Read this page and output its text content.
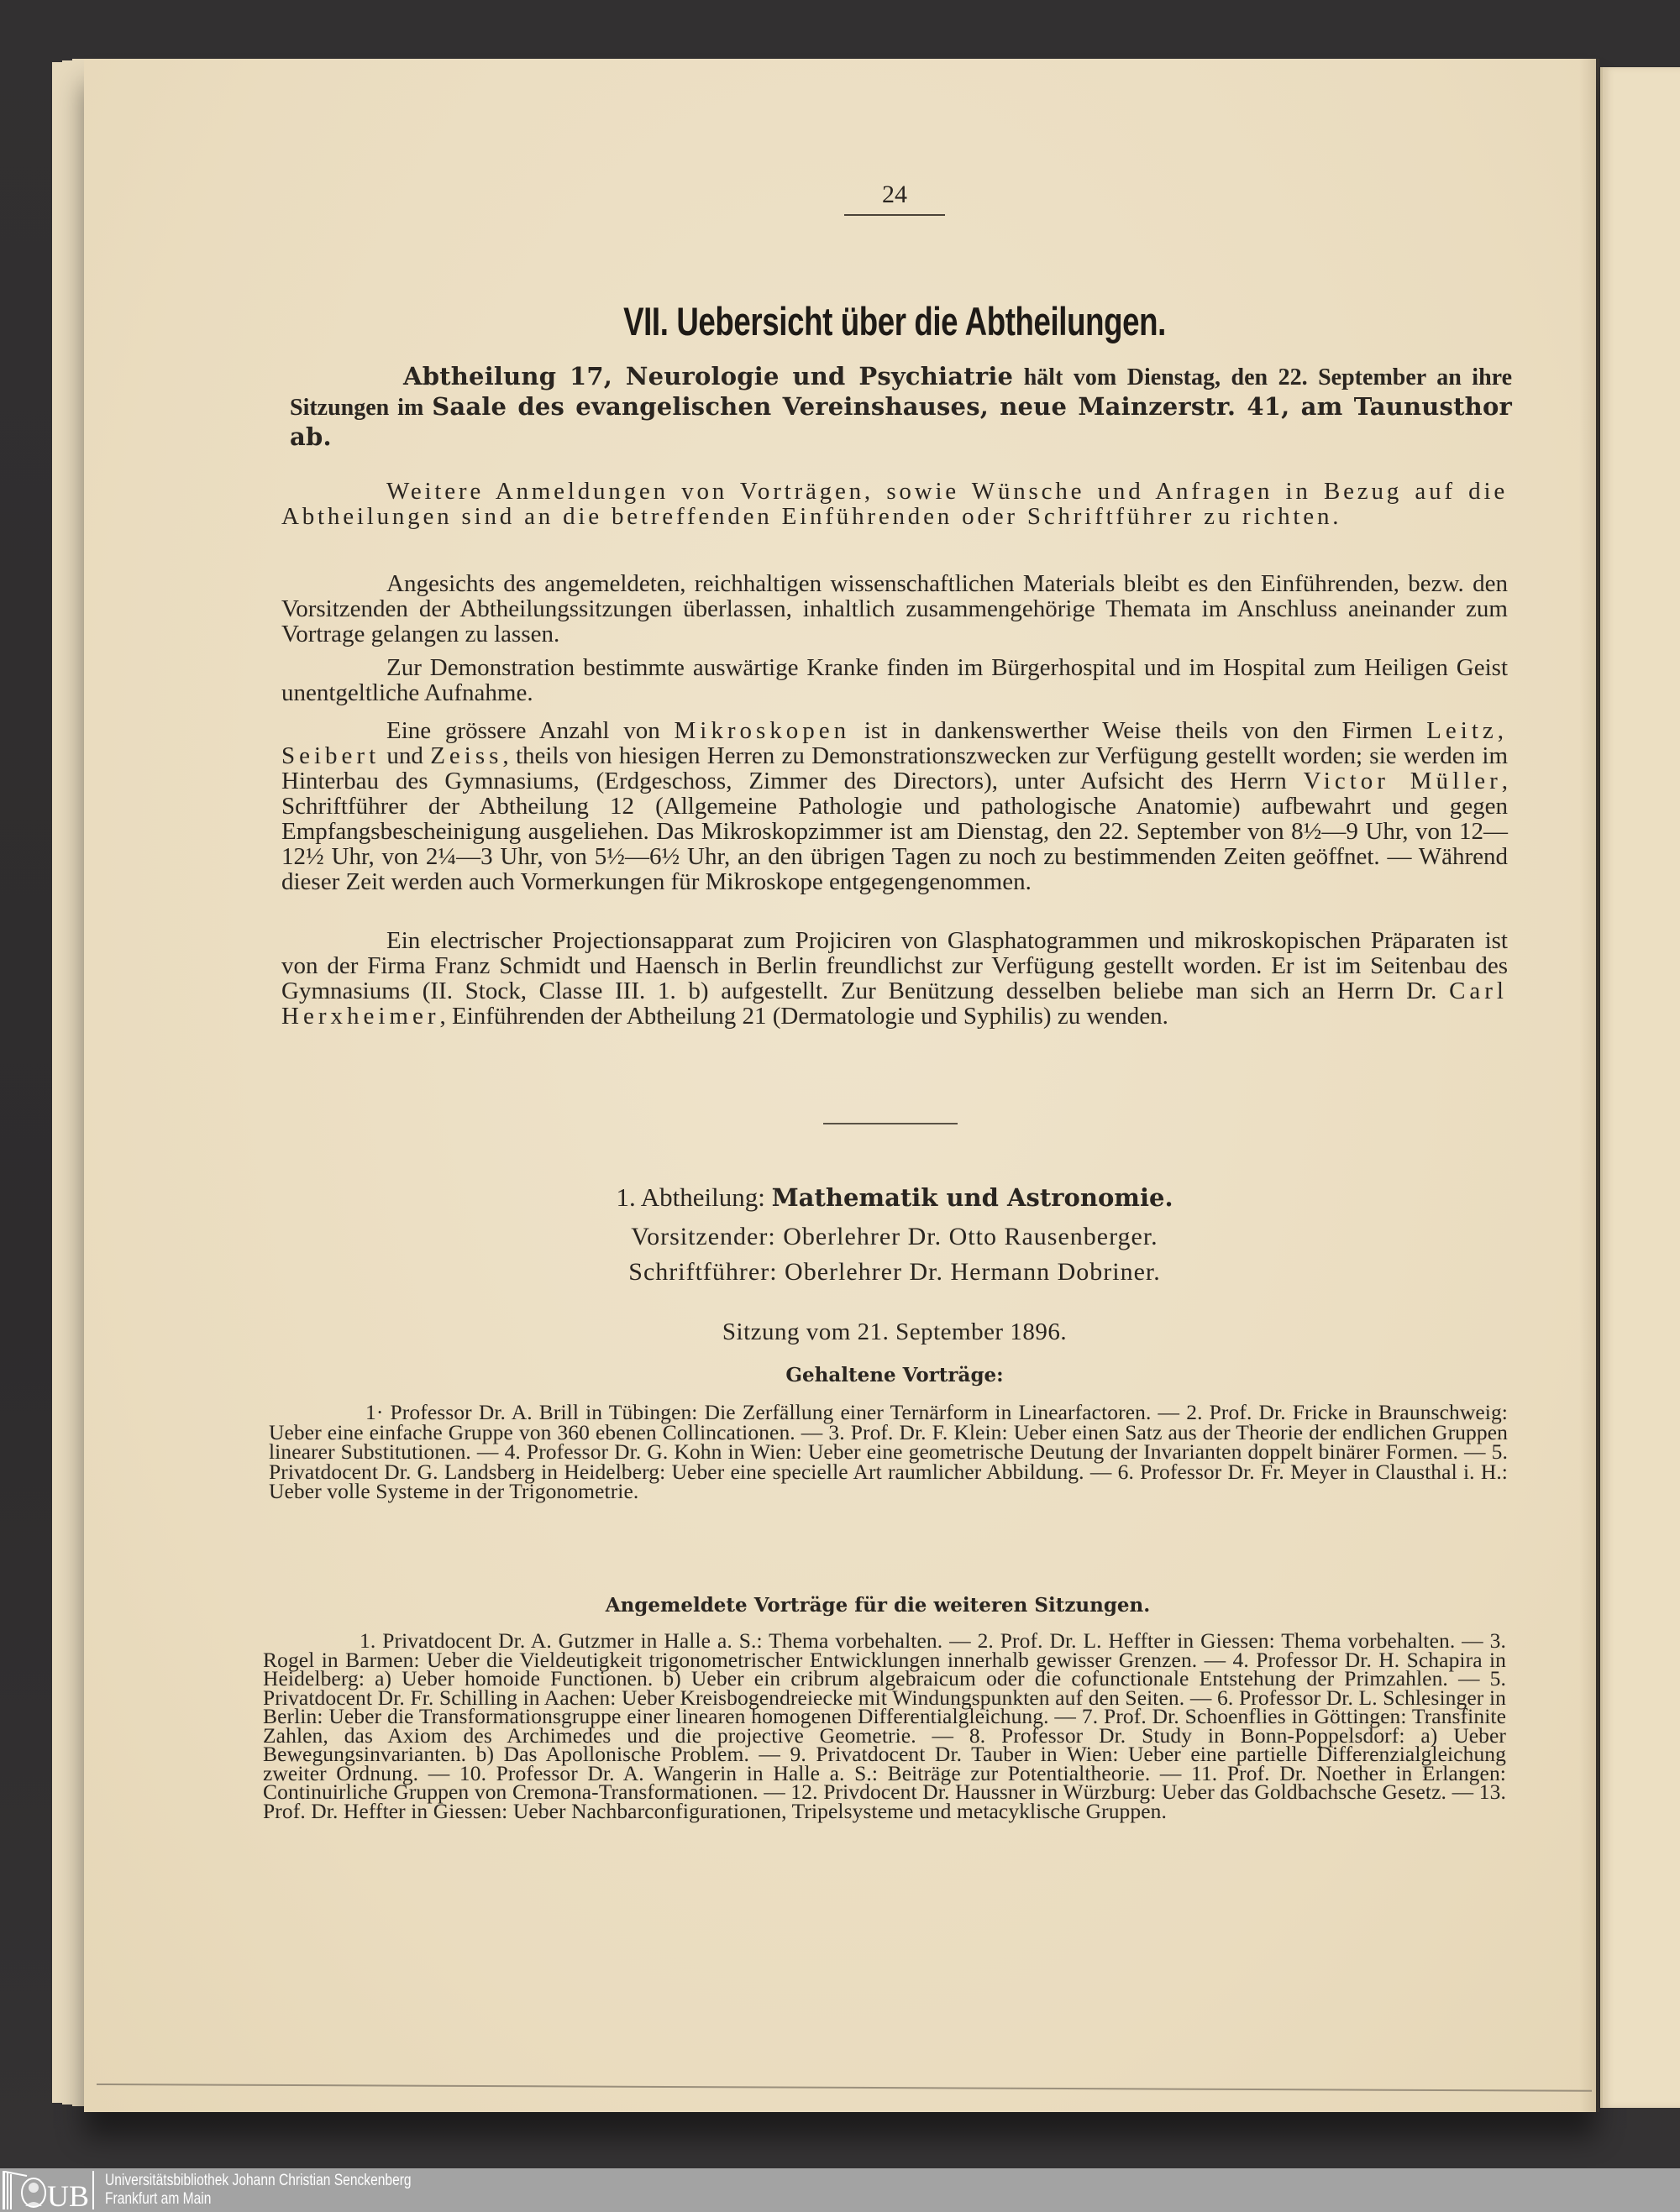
24
VII. Uebersicht über die Abtheilungen.
Abtheilung 17, Neurologie und Psychiatrie hält vom Dienstag, den 22. September an ihre Sitzungen im Saale des evangelischen Vereinshauses, neue Mainzerstr. 41, am Taunusthor ab.
Weitere Anmeldungen von Vorträgen, sowie Wünsche und Anfragen in Bezug auf die Abtheilungen sind an die betreffenden Einführenden oder Schriftführer zu richten.
Angesichts des angemeldeten, reichhaltigen wissenschaftlichen Materials bleibt es den Einführenden, bezw. den Vorsitzenden der Abtheilungssitzungen überlassen, inhaltlich zusammengehörige Themata im Anschluss aneinander zum Vortrage gelangen zu lassen.
Zur Demonstration bestimmte auswärtige Kranke finden im Bürgerhospital und im Hospital zum Heiligen Geist unentgeltliche Aufnahme.
Eine grössere Anzahl von Mikroskopen ist in dankenswerther Weise theils von den Firmen Leitz, Seibert und Zeiss, theils von hiesigen Herren zu Demonstrationszwecken zur Verfügung gestellt worden; sie werden im Hinterbau des Gymnasiums, (Erdgeschoss, Zimmer des Directors), unter Aufsicht des Herrn Victor Müller, Schriftführer der Abtheilung 12 (Allgemeine Pathologie und pathologische Anatomie) aufbewahrt und gegen Empfangsbescheinigung ausgeliehen. Das Mikroskopzimmer ist am Dienstag, den 22. September von 8½—9 Uhr, von 12—12½ Uhr, von 2¼—3 Uhr, von 5½—6½ Uhr, an den übrigen Tagen zu noch zu bestimmenden Zeiten geöffnet. — Während dieser Zeit werden auch Vormerkungen für Mikroskope entgegengenommen.
Ein electrischer Projectionsapparat zum Projiciren von Glasphatogrammen und mikroskopischen Präparaten ist von der Firma Franz Schmidt und Haensch in Berlin freundlichst zur Verfügung gestellt worden. Er ist im Seitenbau des Gymnasiums (II. Stock, Classe III. 1. b) aufgestellt. Zur Benützung desselben beliebe man sich an Herrn Dr. Carl Herxheimer, Einführenden der Abtheilung 21 (Dermatologie und Syphilis) zu wenden.
1. Abtheilung: Mathematik und Astronomie.
Vorsitzender: Oberlehrer Dr. Otto Rausenberger.
Schriftführer: Oberlehrer Dr. Hermann Dobriner.
Sitzung vom 21. September 1896.
Gehaltene Vorträge:
1· Professor Dr. A. Brill in Tübingen: Die Zerfällung einer Ternärform in Linearfactoren. — 2. Prof. Dr. Fricke in Braunschweig: Ueber eine einfache Gruppe von 360 ebenen Collincationen. — 3. Prof. Dr. F. Klein: Ueber einen Satz aus der Theorie der endlichen Gruppen linearer Substitutionen. — 4. Professor Dr. G. Kohn in Wien: Ueber eine geometrische Deutung der Invarianten doppelt binärer Formen. — 5. Privatdocent Dr. G. Landsberg in Heidelberg: Ueber eine specielle Art raumlicher Abbildung. — 6. Professor Dr. Fr. Meyer in Clausthal i. H.: Ueber volle Systeme in der Trigonometrie.
Angemeldete Vorträge für die weiteren Sitzungen.
1. Privatdocent Dr. A. Gutzmer in Halle a. S.: Thema vorbehalten. — 2. Prof. Dr. L. Heffter in Giessen: Thema vorbehalten. — 3. Rogel in Barmen: Ueber die Vieldeutigkeit trigonometrischer Entwicklungen innerhalb gewisser Grenzen. — 4. Professor Dr. H. Schapira in Heidelberg: a) Ueber homoide Functionen. b) Ueber ein cribrum algebraicum oder die cofunctionale Entstehung der Primzahlen. — 5. Privatdocent Dr. Fr. Schilling in Aachen: Ueber Kreisbogendreiecke mit Windungspunkten auf den Seiten. — 6. Professor Dr. L. Schlesinger in Berlin: Ueber die Transformationsgruppe einer linearen homogenen Differentialgleichung. — 7. Prof. Dr. Schoenflies in Göttingen: Transfinite Zahlen, das Axiom des Archimedes und die projective Geometrie. — 8. Professor Dr. Study in Bonn-Poppelsdorf: a) Ueber Bewegungsinvarianten. b) Das Apollonische Problem. — 9. Privatdocent Dr. Tauber in Wien: Ueber eine partielle Differenzialgleichung zweiter Ordnung. — 10. Professor Dr. A. Wangerin in Halle a. S.: Beiträge zur Potentialtheorie. — 11. Prof. Dr. Noether in Erlangen: Continuirliche Gruppen von Cremona-Transformationen. — 12. Privdocent Dr. Haussner in Würzburg: Ueber das Goldbachsche Gesetz. — 13. Prof. Dr. Heffter in Giessen: Ueber Nachbarconfigurationen, Tripelsysteme und metacyklische Gruppen.
UB Universitätsbibliothek Johann Christian Senckenberg
Frankfurt am Main
